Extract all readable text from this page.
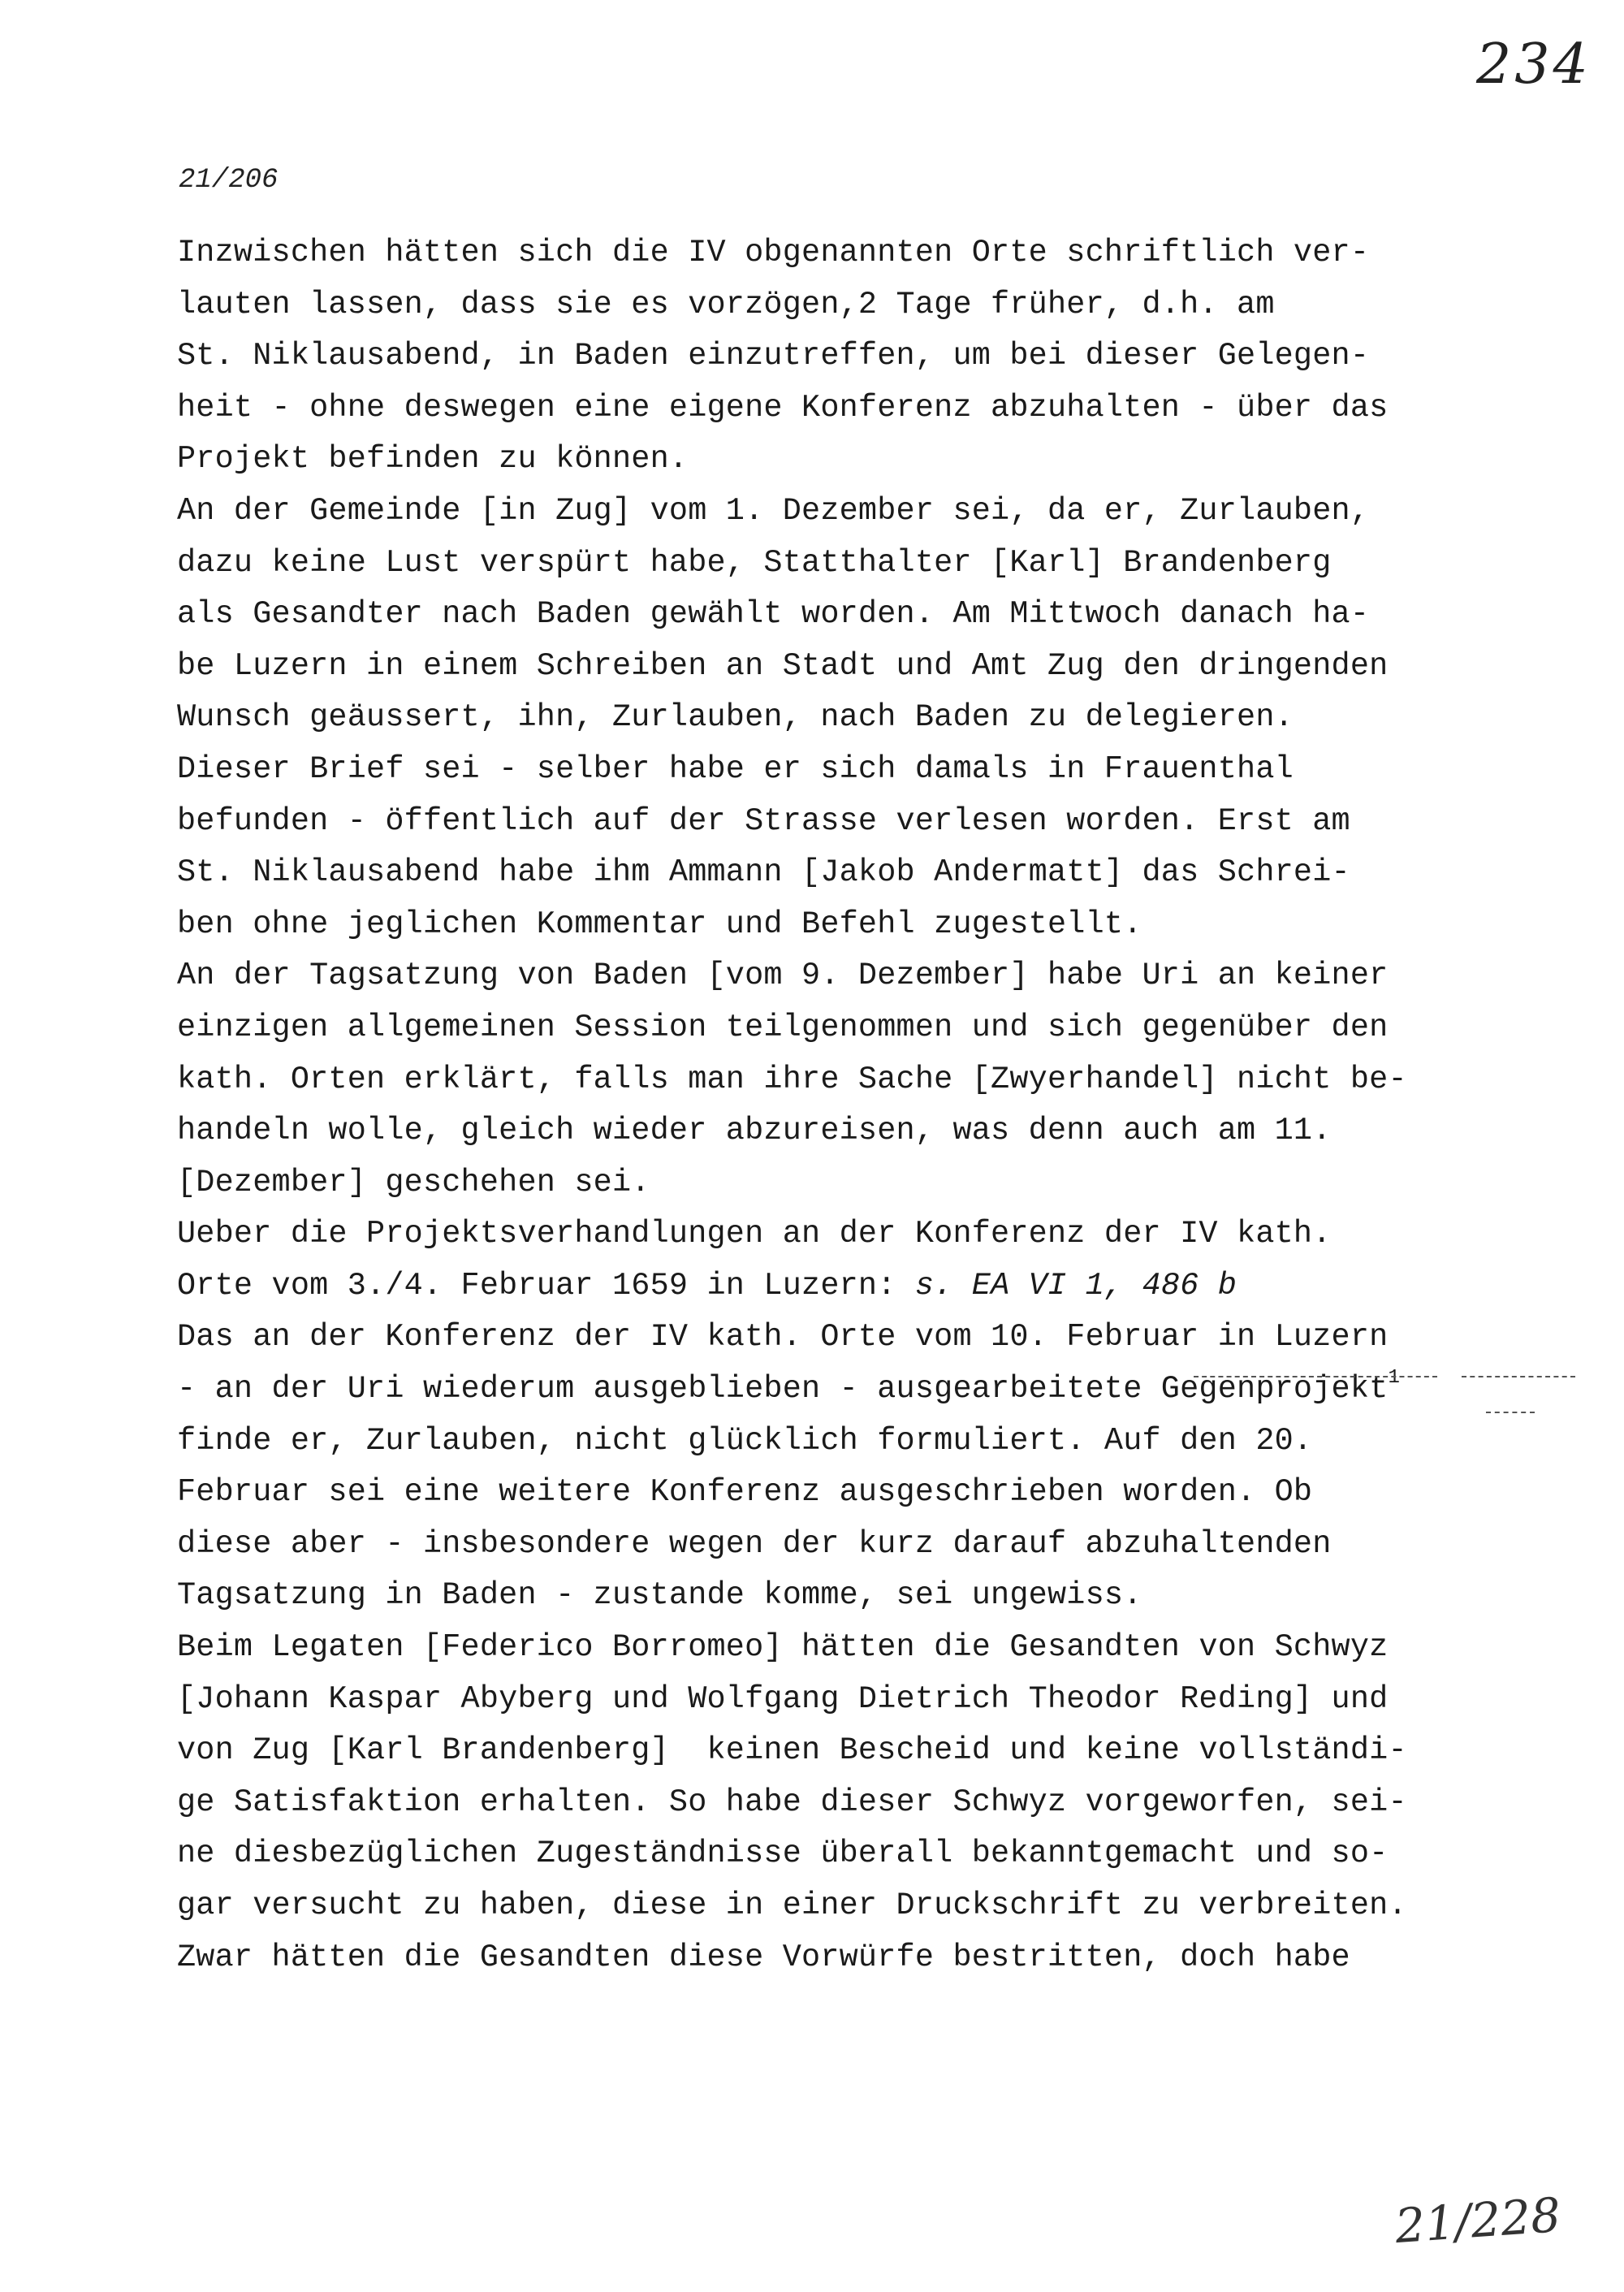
234
21/206
Inzwischen hätten sich die IV obgenannten Orte schriftlich ver-
lauten lassen, dass sie es vorzögen,2 Tage früher, d.h. am
St. Niklausabend, in Baden einzutreffen, um bei dieser Gelegen-
heit - ohne deswegen eine eigene Konferenz abzuhalten - über das
Projekt befinden zu können.
An der Gemeinde [in Zug] vom 1. Dezember sei, da er, Zurlauben,
dazu keine Lust verspürt habe, Statthalter [Karl] Brandenberg
als Gesandter nach Baden gewählt worden. Am Mittwoch danach ha-
be Luzern in einem Schreiben an Stadt und Amt Zug den dringenden
Wunsch geäussert, ihn, Zurlauben, nach Baden zu delegieren.
Dieser Brief sei - selber habe er sich damals in Frauenthal
befunden - öffentlich auf der Strasse verlesen worden. Erst am
St. Niklausabend habe ihm Ammann [Jakob Andermatt] das Schrei-
ben ohne jeglichen Kommentar und Befehl zugestellt.
An der Tagsatzung von Baden [vom 9. Dezember] habe Uri an keiner
einzigen allgemeinen Session teilgenommen und sich gegenüber den
kath. Orten erklärt, falls man ihre Sache [Zwyerhandel] nicht be-
handeln wolle, gleich wieder abzureisen, was denn auch am 11.
[Dezember] geschehen sei.
Ueber die Projektsverhandlungen an der Konferenz der IV kath.
Orte vom 3./4. Februar 1659 in Luzern: s. EA VI 1, 486 b
Das an der Konferenz der IV kath. Orte vom 10. Februar in Luzern
- an der Uri wiederum ausgeblieben - ausgearbeitete Gegenprojekt$^1$
finde er, Zurlauben, nicht glücklich formuliert. Auf den 20.
Februar sei eine weitere Konferenz ausgeschrieben worden. Ob
diese aber - insbesondere wegen der kurz darauf abzuhaltenden
Tagsatzung in Baden - zustande komme, sei ungewiss.
Beim Legaten [Federico Borromeo] hätten die Gesandten von Schwyz
[Johann Kaspar Abyberg und Wolfgang Dietrich Theodor Reding] und
von Zug [Karl Brandenberg]  keinen Bescheid und keine vollständi-
ge Satisfaktion erhalten. So habe dieser Schwyz vorgeworfen, sei-
ne diesbezüglichen Zugeständnisse überall bekanntgemacht und so-
gar versucht zu haben, diese in einer Druckschrift zu verbreiten.
Zwar hätten die Gesandten diese Vorwürfe bestritten, doch habe
21/228
